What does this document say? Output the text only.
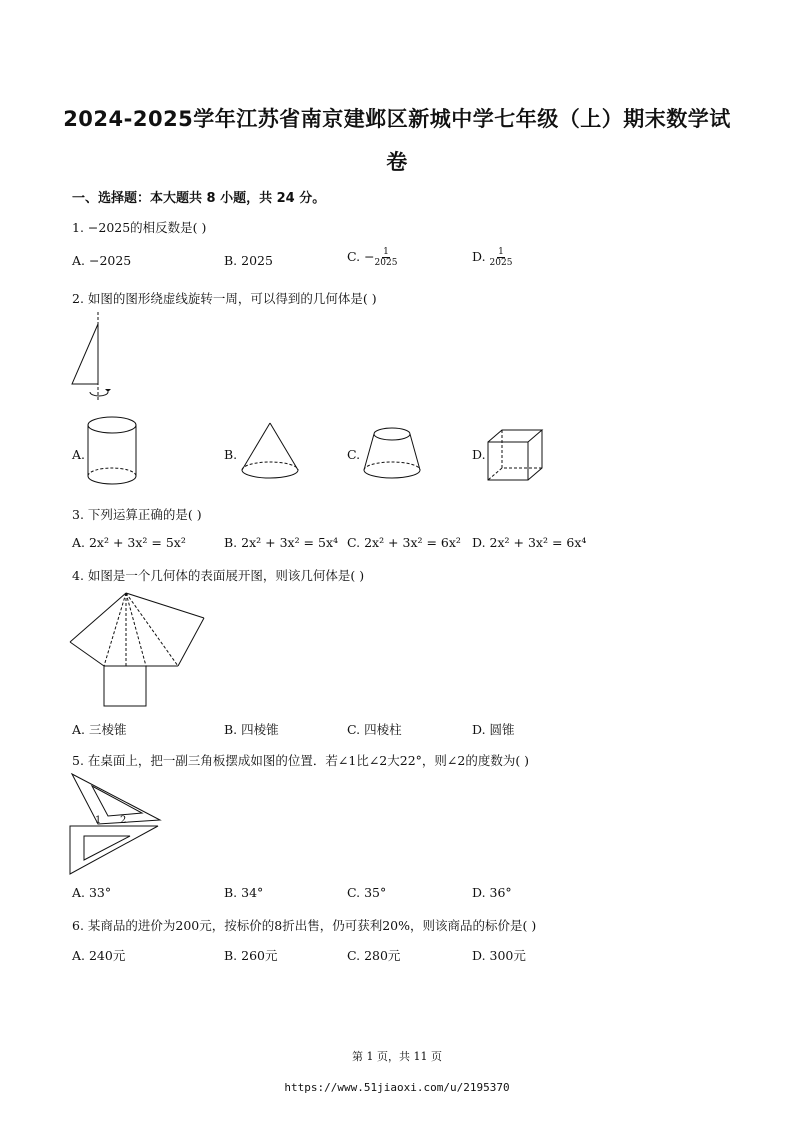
2024-2025学年江苏省南京建邺区新城中学七年级（上）期末数学试
卷
一、选择题：本大题共 8 小题，共 24 分。
1. −2025的相反数是( )
A. −2025	B. 2025	C. − $\frac{1}{2025}$	D. $\frac{1}{2025}$
2. 如图的图形绕虚线旋转一周，可以得到的几何体是( )
A.	B.	C.	D.
3. 下列运算正确的是( )
A. 2x² + 3x² = 5x²	B. 2x² + 3x² = 5x⁴ C. 2x² + 3x² = 6x² D. 2x² + 3x² = 6x⁴
4. 如图是一个几何体的表面展开图，则该几何体是( )
A. 三棱锥	B. 四棱锥	C. 四棱柱	D. 圆锥
5. 在桌面上，把一副三角板摆成如图的位置．若∠1比∠2大22°，则∠2的度数为( )
1 2
A. 33°	B. 34°	C. 35°	D. 36°
6. 某商品的进价为200元，按标价的8折出售，仍可获利20%，则该商品的标价是( )
A. 240元	B. 260元	C. 280元	D. 300元
第 1 页，共 11 页
https://www.51jiaoxi.com/u/2195370
